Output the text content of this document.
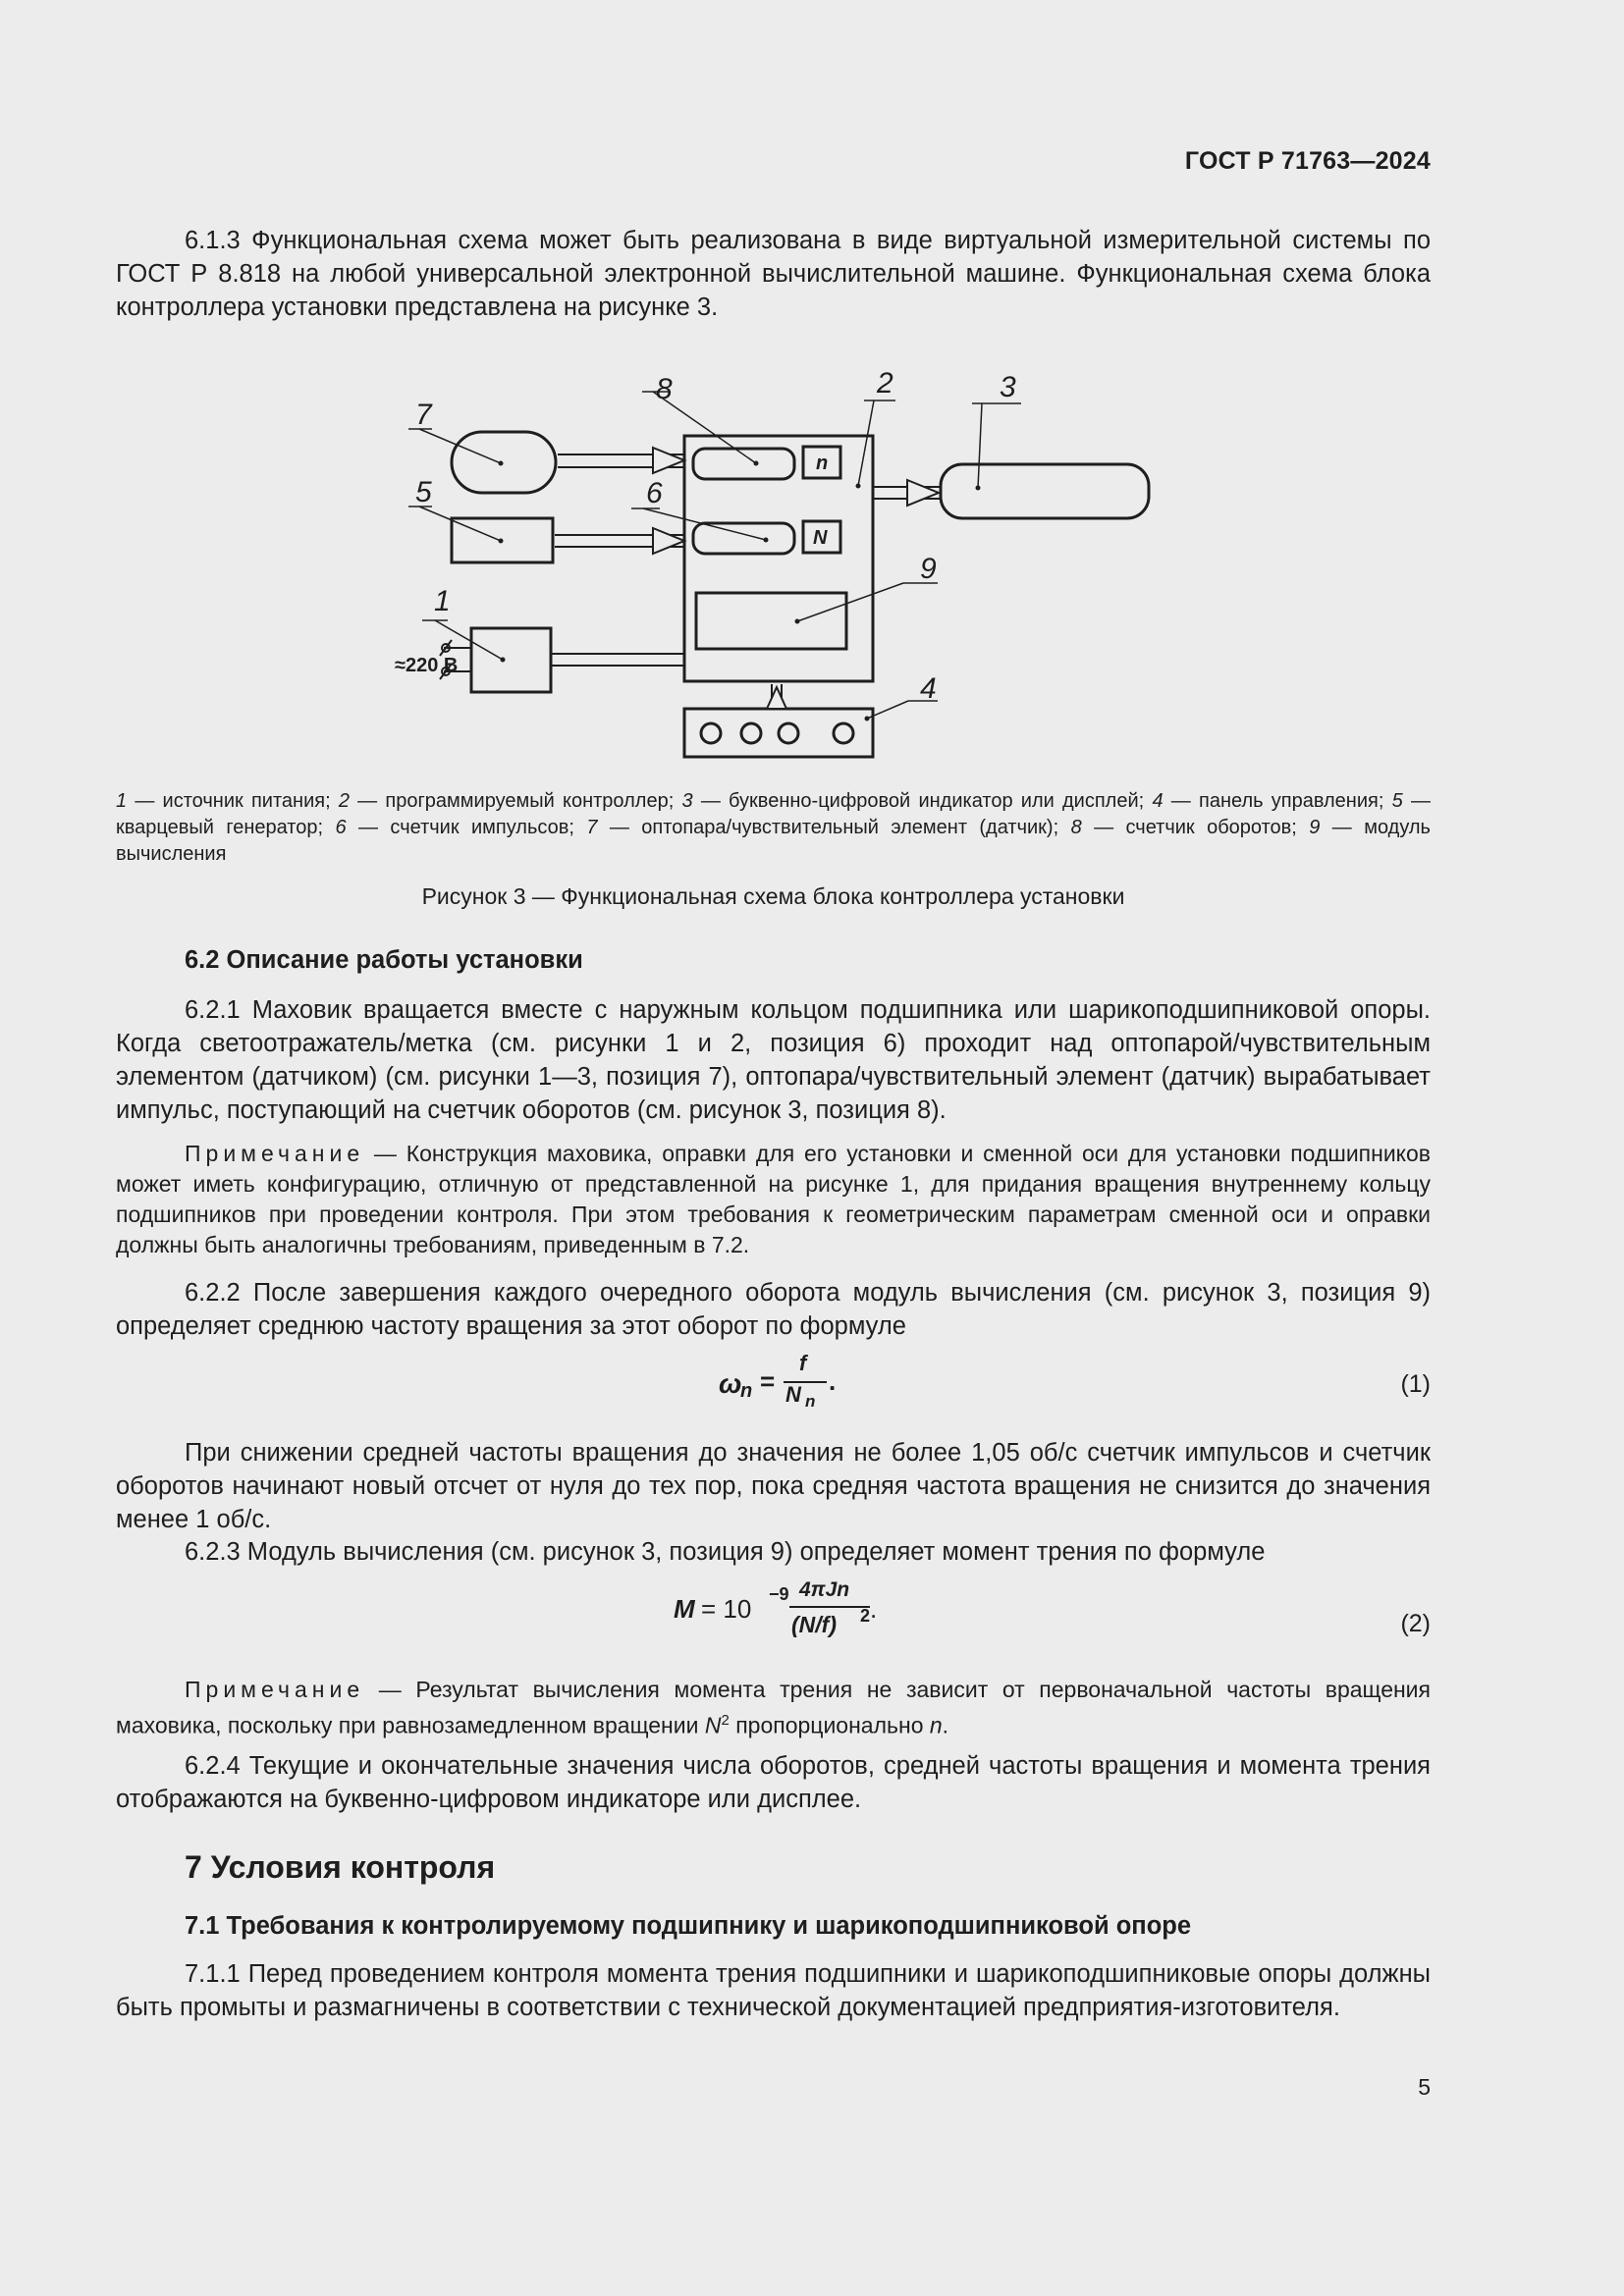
ГОСТ Р 71763—2024

6.1.3 Функциональная схема может быть реализована в виде виртуальной измерительной системы по ГОСТ Р 8.818 на любой универсальной электронной вычислительной машине. Функциональная схема блока контроллера установки представлена на рисунке 3.

7
5
1
8
6
2	3
9
4
n
N
≈220 В
1 — источник питания; 2 — программируемый контроллер; 3 — буквенно-цифровой индикатор или дисплей; 4 — панель управления; 5 — кварцевый генератор; 6 — счетчик импульсов; 7 — оптопара/чувствительный элемент (датчик); 8 — счетчик оборотов; 9 — модуль вычисления
Рисунок 3 — Функциональная схема блока контроллера установки
6.2 Описание работы установки

6.2.1 Маховик вращается вместе с наружным кольцом подшипника или шарикоподшипниковой опоры. Когда светоотражатель/метка (см. рисунки 1 и 2, позиция 6) проходит над оптопарой/чувствительным элементом (датчиком) (см. рисунки 1—3, позиция 7), оптопара/чувствительный элемент (датчик) вырабатывает импульс, поступающий на счетчик оборотов (см. рисунок 3, позиция 8).

Примечание — Конструкция маховика, оправки для его установки и сменной оси для установки подшипников может иметь конфигурацию, отличную от представленной на рисунке 1, для придания вращения внутреннему кольцу подшипников при проведении контроля. При этом требования к геометрическим параметрам сменной оси и оправки должны быть аналогичны требованиям, приведенным в 7.2.

6.2.2 После завершения каждого очередного оборота модуль вычисления (см. рисунок 3, позиция 9) определяет среднюю частоту вращения за этот оборот по формуле

ω
n =
f
N n
.	(1)

При снижении средней частоты вращения до значения не более 1,05 об/с счетчик импульсов и счетчик оборотов начинают новый отсчет от нуля до тех пор, пока средняя частота вращения не снизится до значения менее 1 об/с.

6.2.3 Модуль вычисления (см. рисунок 3, позиция 9) определяет момент трения по формуле

M = 10 −9 4πJn
(N/f) 2 .	(2)

Примечание — Результат вычисления момента трения не зависит от первоначальной частоты вращения маховика, поскольку при равнозамедленном вращении $N^2$ пропорционально n.

6.2.4 Текущие и окончательные значения числа оборотов, средней частоты вращения и момента трения отображаются на буквенно-цифровом индикаторе или дисплее.

7 Условия контроля
7.1 Требования к контролируемому подшипнику и шарикоподшипниковой опоре

7.1.1 Перед проведением контроля момента трения подшипники и шарикоподшипниковые опоры должны быть промыты и размагничены в соответствии с технической документацией предприятия-изготовителя.

5
